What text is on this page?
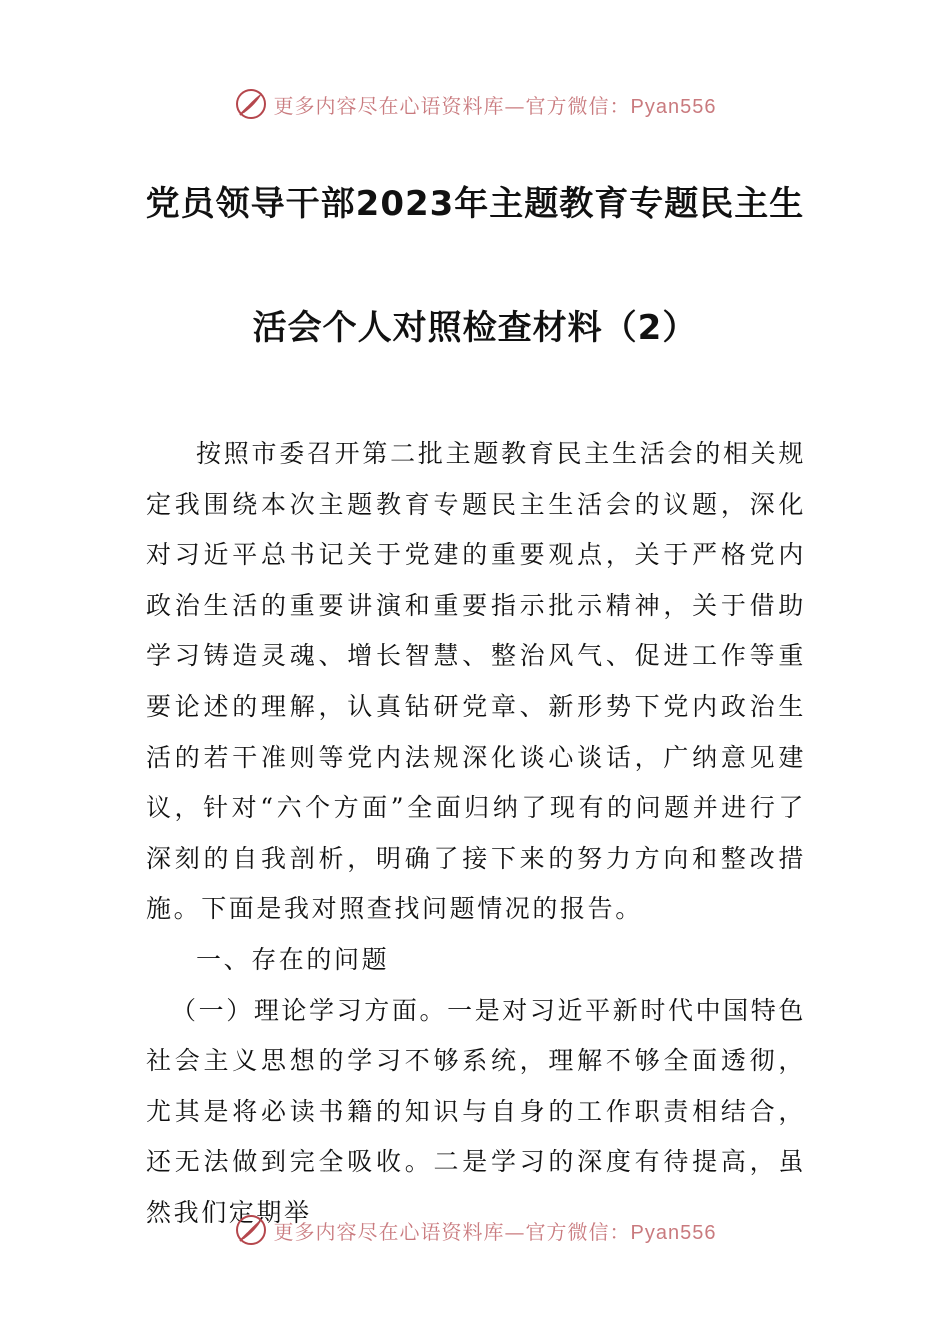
更多内容尽在心语资料库—官方微信：Pyan556
党员领导干部2023年主题教育专题民主生
活会个人对照检查材料（2）

按照市委召开第二批主题教育民主生活会的相关规定我围绕本次主题教育专题民主生活会的议题，深化对习近平总书记关于党建的重要观点，关于严格党内政治生活的重要讲演和重要指示批示精神，关于借助学习铸造灵魂、增长智慧、整治风气、促进工作等重要论述的理解，认真钻研党章、新形势下党内政治生活的若干准则等党内法规深化谈心谈话，广纳意见建议，针对“六个方面”全面归纳了现有的问题并进行了深刻的自我剖析，明确了接下来的努力方向和整改措施。下面是我对照查找问题情况的报告。

一、存在的问题

（一）理论学习方面。一是对习近平新时代中国特色社会主义思想的学习不够系统，理解不够全面透彻，尤其是将必读书籍的知识与自身的工作职责相结合，还无法做到完全吸收。二是学习的深度有待提高，虽然我们定期举

更多内容尽在心语资料库—官方微信：Pyan556
